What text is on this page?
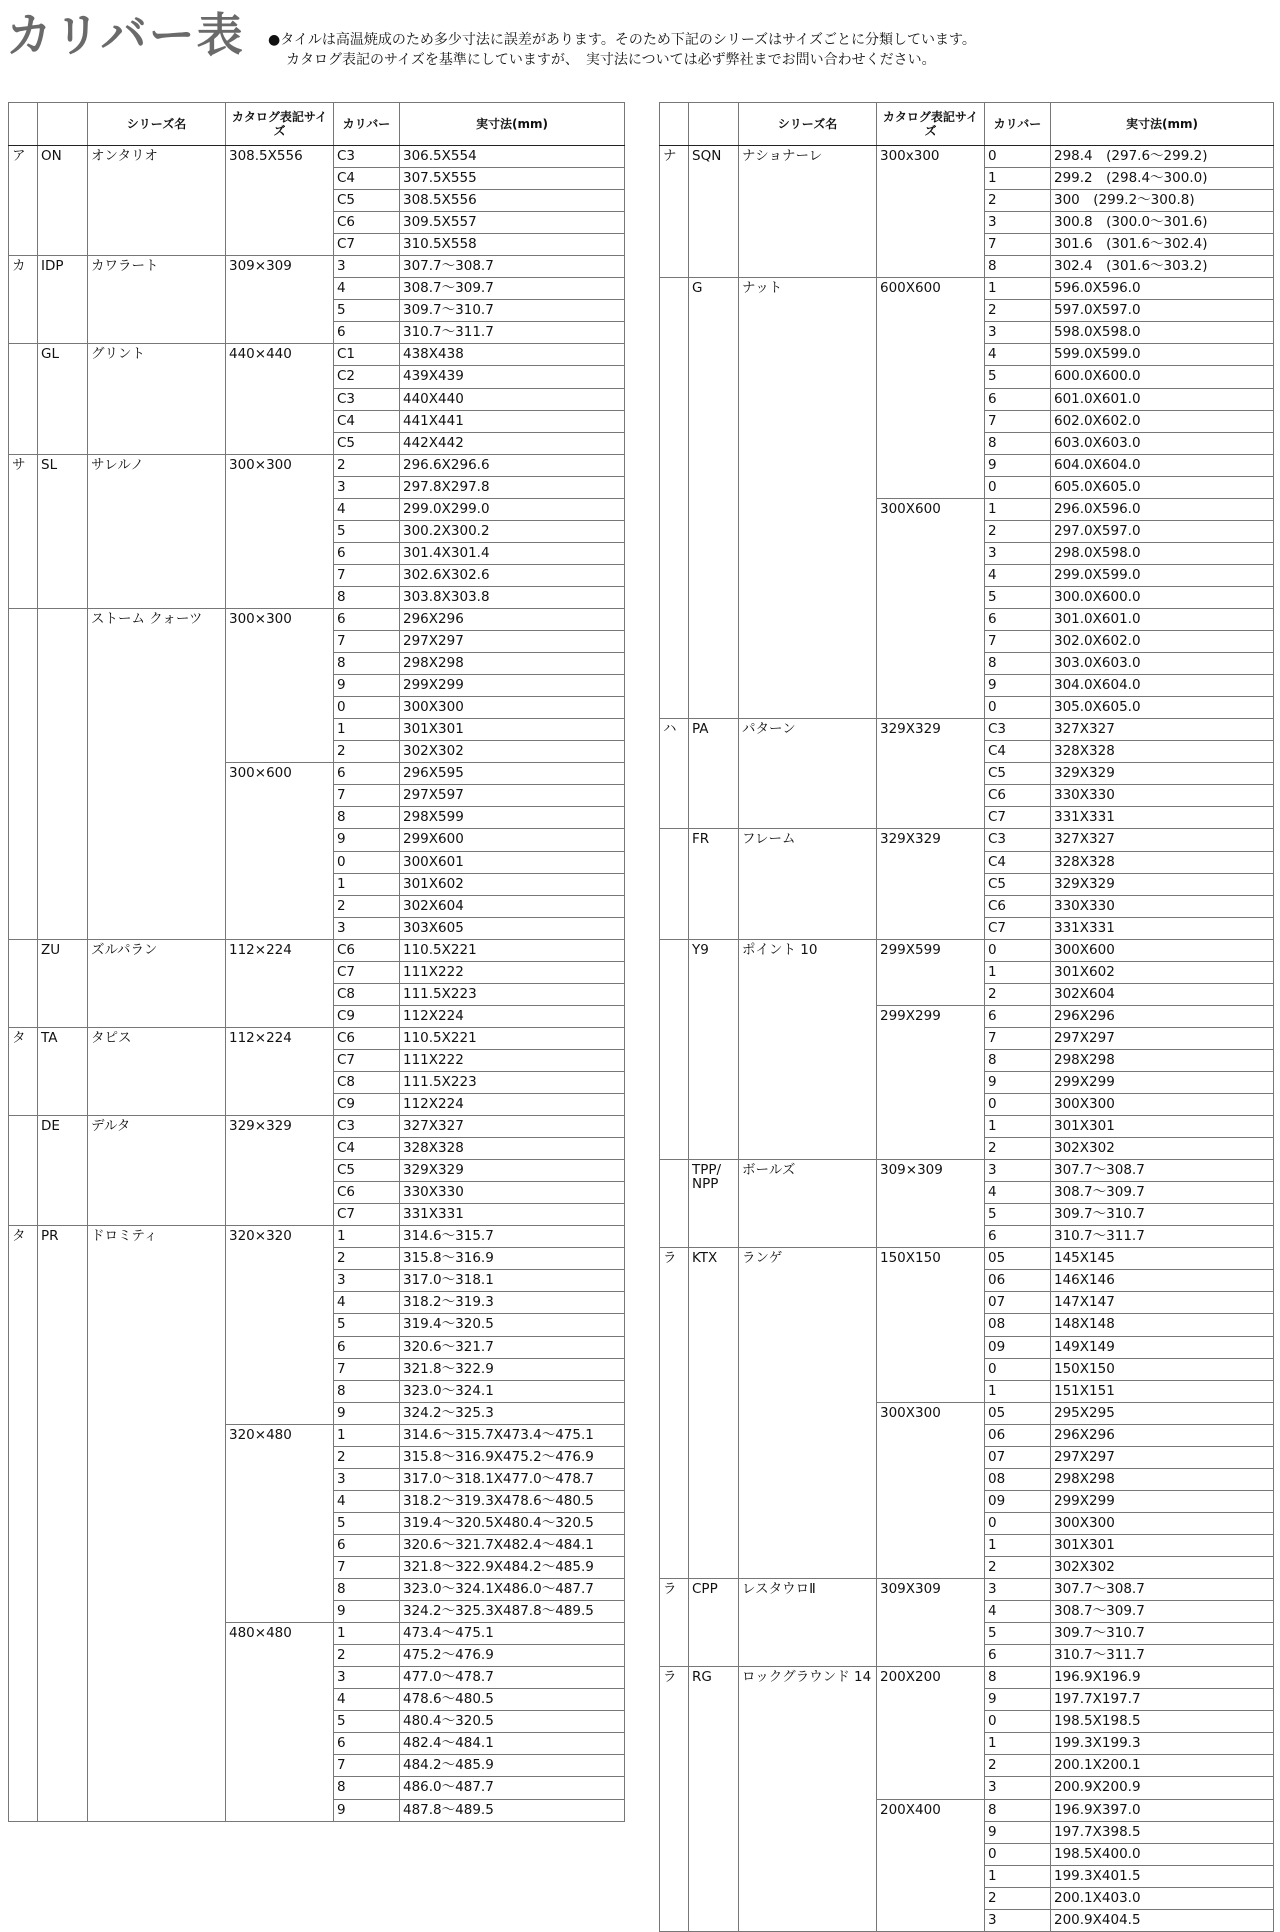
カリバー表 ●タイルは高温焼成のため多少寸法に誤差があります。そのため下記のシリーズはサイズごとに分類しています。
カタログ表記のサイズを基準にしていますが、　実寸法については必ず弊社までお問い合わせください。
		シリーズ名	カタログ表記サイズ	カリバー	実寸法(mm)
ア	ON	オンタリオ	308.5X556	C3	306.5X554
				C4	307.5X555
				C5	308.5X556
				C6	309.5X557
				C7	310.5X558
カ	IDP	カワラート	309×309	3	307.7～308.7
				4	308.7～309.7
				5	309.7～310.7
				6	310.7～311.7
	GL	グリント	440×440	C1	438X438
				C2	439X439
				C3	440X440
				C4	441X441
				C5	442X442
サ	SL	サレルノ	300×300	2	296.6X296.6
				3	297.8X297.8
				4	299.0X299.0
				5	300.2X300.2
				6	301.4X301.4
				7	302.6X302.6
				8	303.8X303.8
		ストーム クォーツ	300×300	6	296X296
				7	297X297
				8	298X298
				9	299X299
				0	300X300
				1	301X301
				2	302X302
			300×600	6	296X595
				7	297X597
				8	298X599
				9	299X600
				0	300X601
				1	301X602
				2	302X604
				3	303X605
	ZU	ズルパラン	112×224	C6	110.5X221
				C7	111X222
				C8	111.5X223
				C9	112X224
タ	TA	タピス	112×224	C6	110.5X221
				C7	111X222
				C8	111.5X223
				C9	112X224
	DE	デルタ	329×329	C3	327X327
				C4	328X328
				C5	329X329
				C6	330X330
				C7	331X331
タ	PR	ドロミティ	320×320	1	314.6～315.7
				2	315.8～316.9
				3	317.0～318.1
				4	318.2～319.3
				5	319.4～320.5
				6	320.6～321.7
				7	321.8～322.9
				8	323.0～324.1
				9	324.2～325.3
			320×480	1	314.6～315.7X473.4～475.1
				2	315.8～316.9X475.2～476.9
				3	317.0～318.1X477.0～478.7
				4	318.2～319.3X478.6～480.5
				5	319.4～320.5X480.4～320.5
				6	320.6～321.7X482.4～484.1
				7	321.8～322.9X484.2～485.9
				8	323.0～324.1X486.0～487.7
				9	324.2～325.3X487.8～489.5
			480×480	1	473.4～475.1
				2	475.2～476.9
				3	477.0～478.7
				4	478.6～480.5
				5	480.4～320.5
				6	482.4～484.1
				7	484.2～485.9
				8	486.0～487.7
				9	487.8～489.5
		シリーズ名	カタログ表記サイズ	カリバー	実寸法(mm)
ナ	SQN	ナショナーレ	300x300	0	298.4　(297.6～299.2)
				1	299.2　(298.4～300.0)
				2	300　(299.2～300.8)
				3	300.8　(300.0～301.6)
				7	301.6　(301.6～302.4)
				8	302.4　(301.6～303.2)
	G	ナット	600X600	1	596.0X596.0
				2	597.0X597.0
				3	598.0X598.0
				4	599.0X599.0
				5	600.0X600.0
				6	601.0X601.0
				7	602.0X602.0
				8	603.0X603.0
				9	604.0X604.0
				0	605.0X605.0
			300X600	1	296.0X596.0
				2	297.0X597.0
				3	298.0X598.0
				4	299.0X599.0
				5	300.0X600.0
				6	301.0X601.0
				7	302.0X602.0
				8	303.0X603.0
				9	304.0X604.0
				0	305.0X605.0
ハ	PA	パターン	329X329	C3	327X327
				C4	328X328
				C5	329X329
				C6	330X330
				C7	331X331
	FR	フレーム	329X329	C3	327X327
				C4	328X328
				C5	329X329
				C6	330X330
				C7	331X331
	Y9	ポイント 10	299X599	0	300X600
				1	301X602
				2	302X604
			299X299	6	296X296
				7	297X297
				8	298X298
				9	299X299
				0	300X300
				1	301X301
				2	302X302
	TPP/
NPP	ボールズ	309×309	3	307.7～308.7
				4	308.7～309.7
				5	309.7～310.7
				6	310.7～311.7
ラ	KTX	ランゲ	150X150	05	145X145
				06	146X146
				07	147X147
				08	148X148
				09	149X149
				0	150X150
				1	151X151
			300X300	05	295X295
				06	296X296
				07	297X297
				08	298X298
				09	299X299
				0	300X300
				1	301X301
				2	302X302
ラ	CPP	レスタウロⅡ	309X309	3	307.7～308.7
				4	308.7～309.7
				5	309.7～310.7
				6	310.7～311.7
ラ	RG	ロックグラウンド 14	200X200	8	196.9X196.9
				9	197.7X197.7
				0	198.5X198.5
				1	199.3X199.3
				2	200.1X200.1
				3	200.9X200.9
			200X400	8	196.9X397.0
				9	197.7X398.5
				0	198.5X400.0
				1	199.3X401.5
				2	200.1X403.0
				3	200.9X404.5
